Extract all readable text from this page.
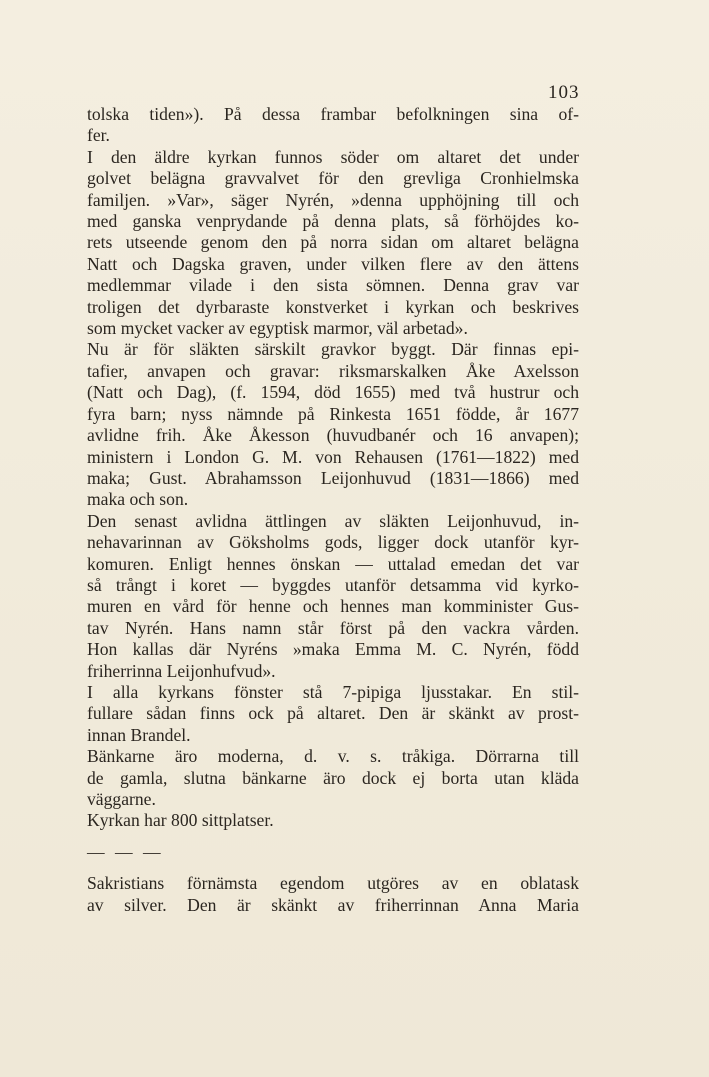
103
tolska tiden»). På dessa frambar befolkningen sina of-
fer.
I den äldre kyrkan funnos söder om altaret det under
golvet belägna gravvalvet för den grevliga Cronhielmska
familjen. »Var», säger Nyrén, »denna upphöjning till och
med ganska venprydande på denna plats, så förhöjdes ko-
rets utseende genom den på norra sidan om altaret belägna
Natt och Dagska graven, under vilken flere av den ättens
medlemmar vilade i den sista sömnen. Denna grav var
troligen det dyrbaraste konstverket i kyrkan och beskrives
som mycket vacker av egyptisk marmor, väl arbetad».
Nu är för släkten särskilt gravkor byggt. Där finnas epi-
tafier, anvapen och gravar: riksmarskalken Åke Axelsson
(Natt och Dag), (f. 1594, död 1655) med två hustrur och
fyra barn; nyss nämnde på Rinkesta 1651 födde, år 1677
avlidne frih. Åke Åkesson (huvudbanér och 16 anvapen);
ministern i London G. M. von Rehausen (1761—1822) med
maka; Gust. Abrahamsson Leijonhuvud (1831—1866) med
maka och son.
Den senast avlidna ättlingen av släkten Leijonhuvud, in-
nehavarinnan av Göksholms gods, ligger dock utanför kyr-
komuren. Enligt hennes önskan — uttalad emedan det var
så trångt i koret — byggdes utanför detsamma vid kyrko-
muren en vård för henne och hennes man komminister Gus-
tav Nyrén. Hans namn står först på den vackra vården.
Hon kallas där Nyréns »maka Emma M. C. Nyrén, född
friherrinna Leijonhufvud».
I alla kyrkans fönster stå 7-pipiga ljusstakar. En stil-
fullare sådan finns ock på altaret. Den är skänkt av prost-
innan Brandel.
Bänkarne äro moderna, d. v. s. tråkiga. Dörrarna till
de gamla, slutna bänkarne äro dock ej borta utan kläda
väggarne.
Kyrkan har 800 sittplatser.
— — —
Sakristians förnämsta egendom utgöres av en oblatask
av silver. Den är skänkt av friherrinnan Anna Maria
